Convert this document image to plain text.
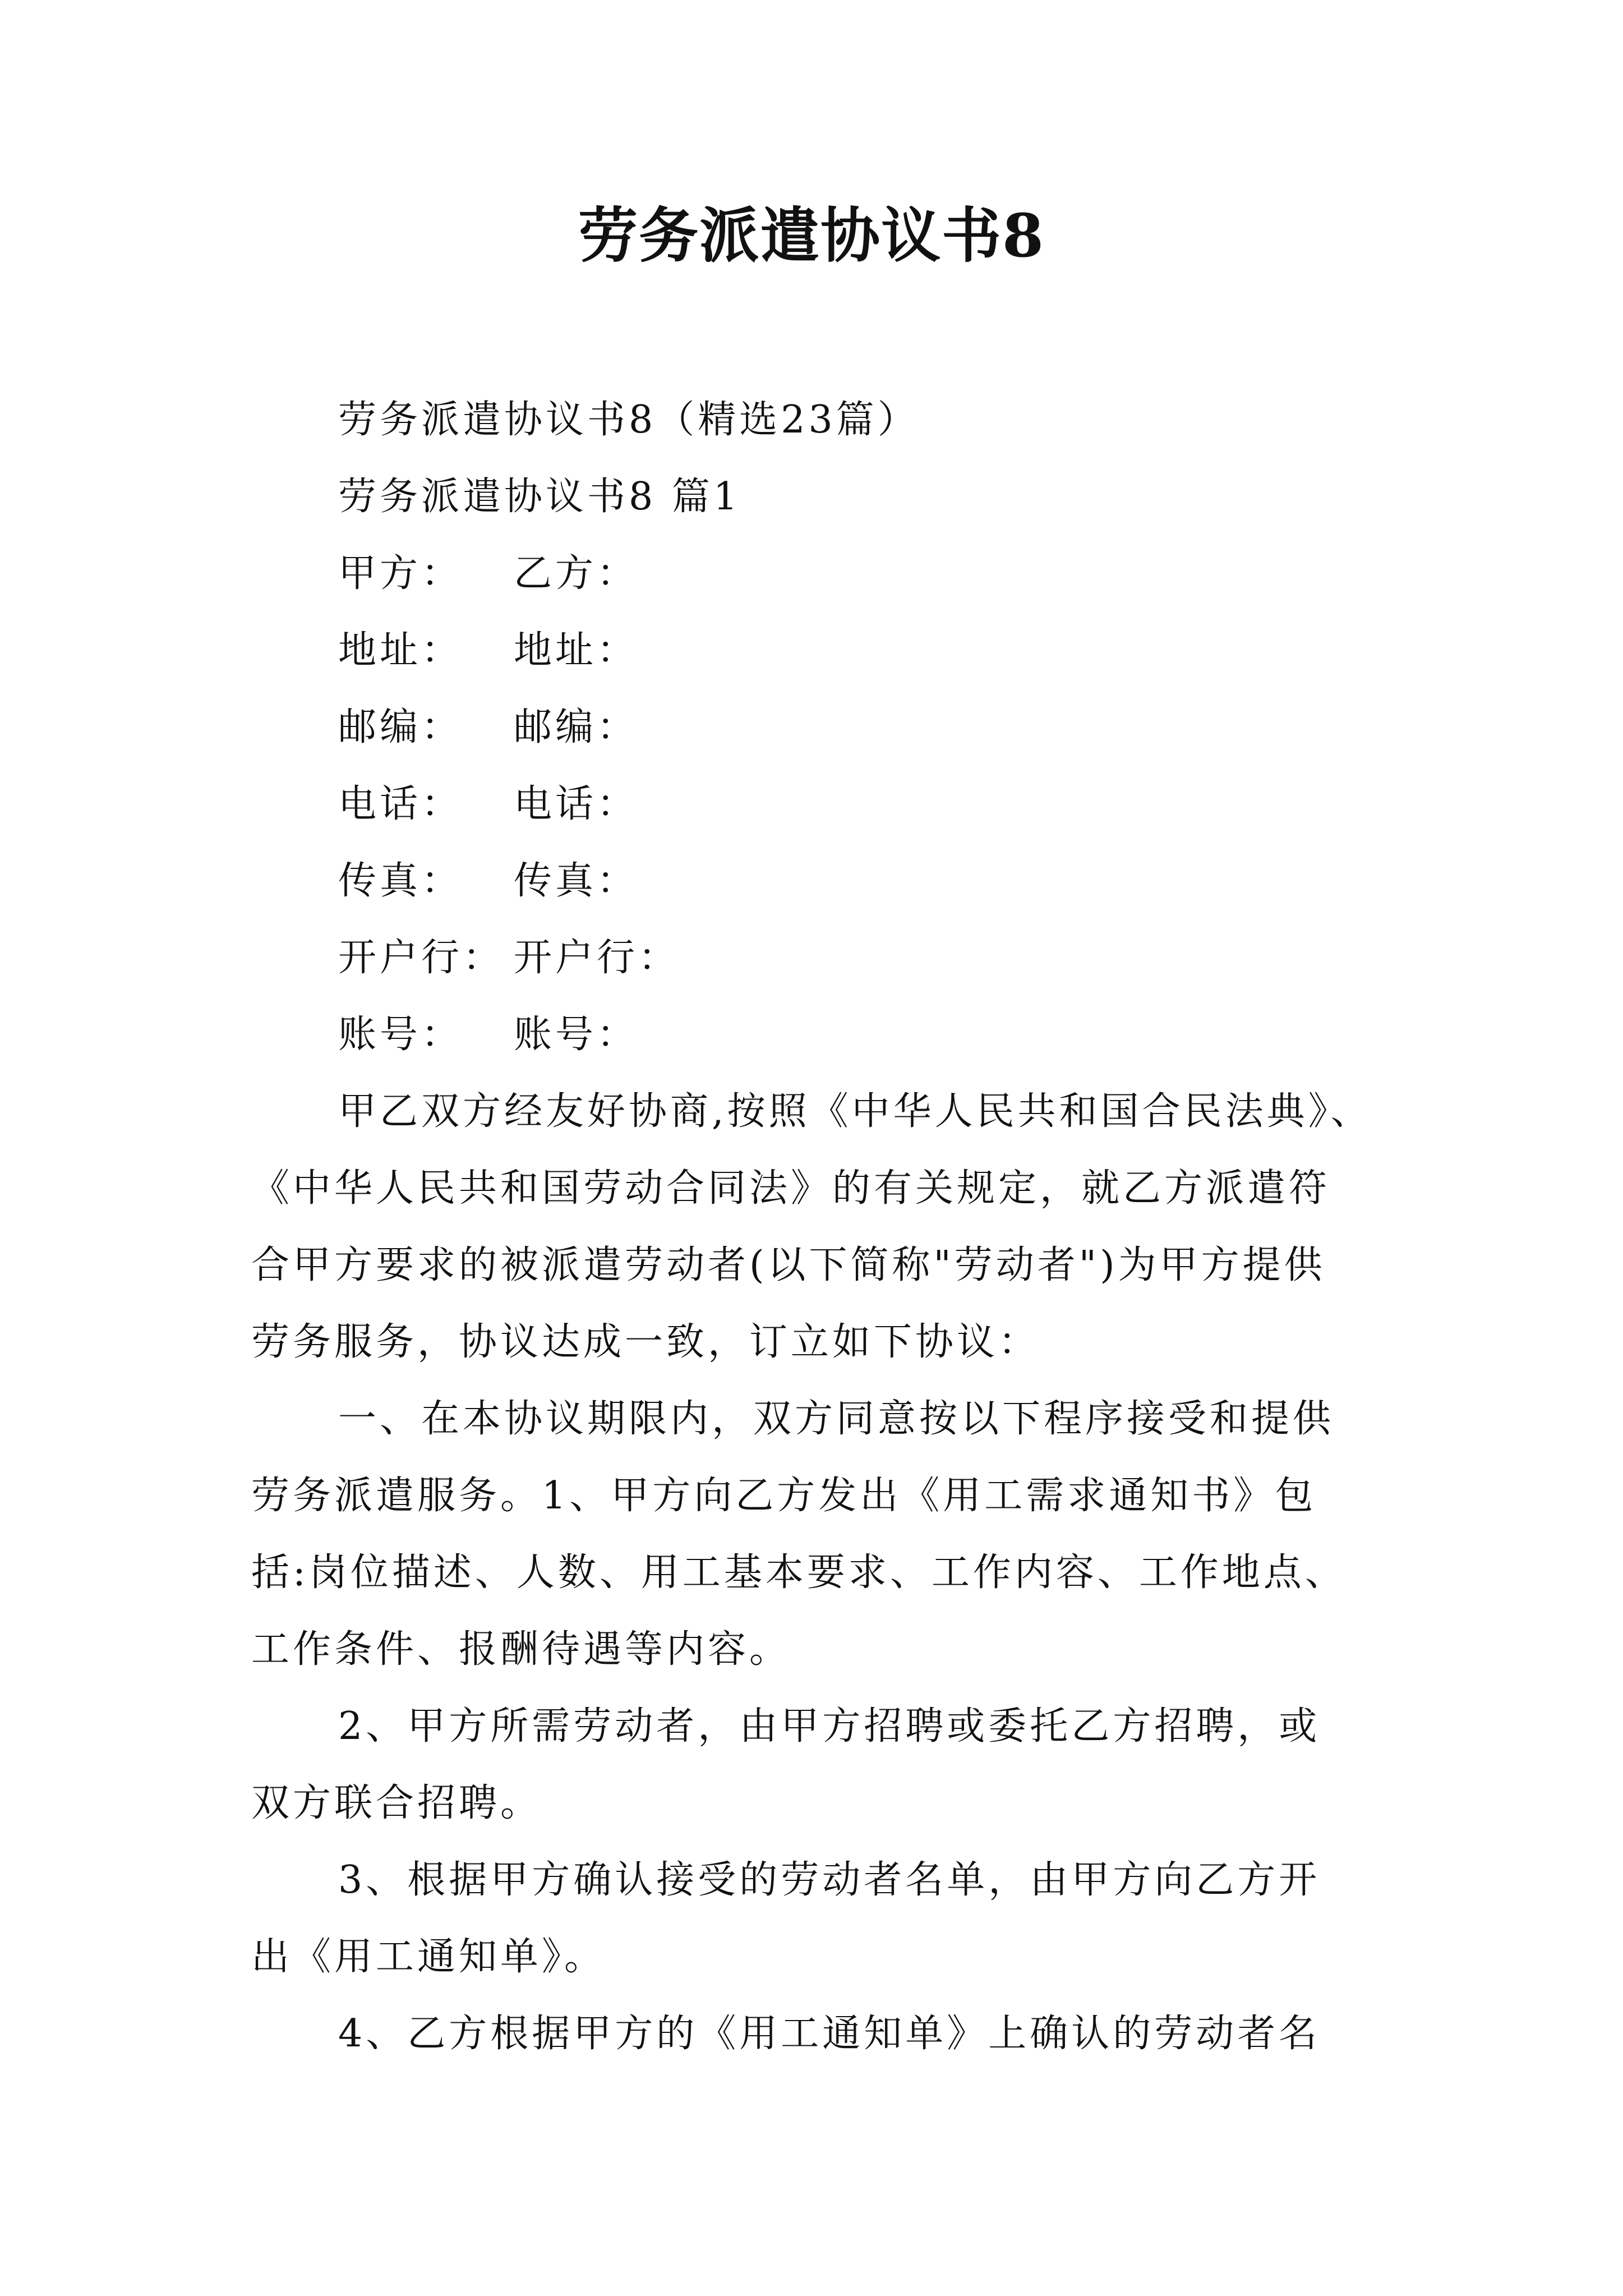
劳务派遣协议书8
劳务派遣协议书8（精选23篇）
劳务派遣协议书8 篇1
甲方：	乙方：
地址：	地址：
邮编：	邮编：
电话：	电话：
传真：	传真：
开户行： 开户行：
账号：	账号：
甲乙双方经友好协商,按照《中华人民共和国合民法典》、
《中华人民共和国劳动合同法》的有关规定，就乙方派遣符
合甲方要求的被派遣劳动者(以下简称"劳动者")为甲方提供
劳务服务，协议达成一致，订立如下协议：
一、在本协议期限内，双方同意按以下程序接受和提供
劳务派遣服务。1、甲方向乙方发出《用工需求通知书》包
括:岗位描述、人数、用工基本要求、工作内容、工作地点、
工作条件、报酬待遇等内容。
2、甲方所需劳动者，由甲方招聘或委托乙方招聘，或
双方联合招聘。
3、根据甲方确认接受的劳动者名单，由甲方向乙方开
出《用工通知单》。
4、乙方根据甲方的《用工通知单》上确认的劳动者名
